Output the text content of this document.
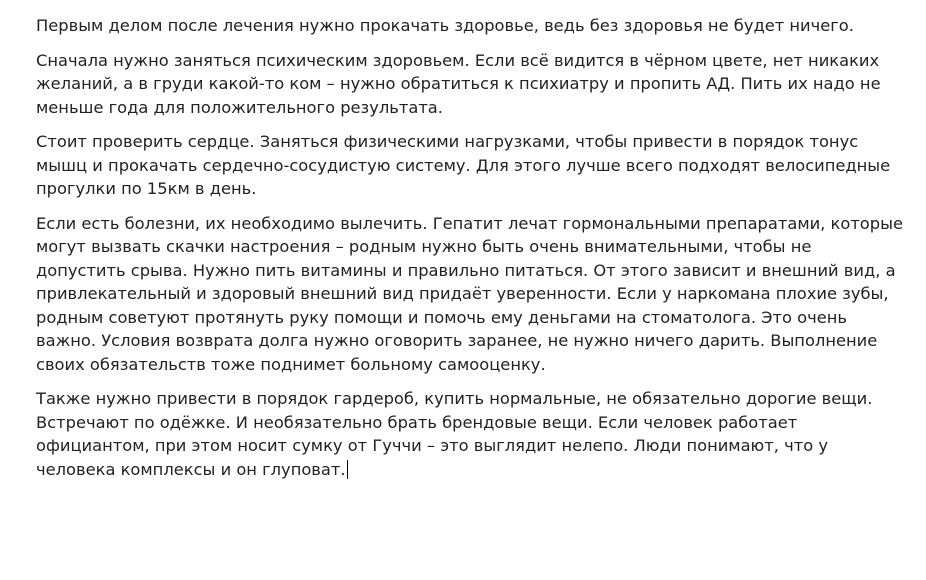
Первым делом после лечения нужно прокачать здоровье, ведь без здоровья не будет ничего.

Сначала нужно заняться психическим здоровьем. Если всё видится в чёрном цвете, нет никаких желаний, а в груди какой-то ком – нужно обратиться к психиатру и пропить АД. Пить их надо не меньше года для положительного результата.

Стоит проверить сердце. Заняться физическими нагрузками, чтобы привести в порядок тонус мышц и прокачать сердечно-сосудистую систему. Для этого лучше всего подходят велосипедные прогулки по 15км в день.

Если есть болезни, их необходимо вылечить. Гепатит лечат гормональными препаратами, которые могут вызвать скачки настроения – родным нужно быть очень внимательными, чтобы не допустить срыва. Нужно пить витамины и правильно питаться. От этого зависит и внешний вид, а привлекательный и здоровый внешний вид придаёт уверенности. Если у наркомана плохие зубы, родным советуют протянуть руку помощи и помочь ему деньгами на стоматолога. Это очень важно. Условия возврата долга нужно оговорить заранее, не нужно ничего дарить. Выполнение своих обязательств тоже поднимет больному самооценку.

Также нужно привести в порядок гардероб, купить нормальные, не обязательно дорогие вещи. Встречают по одёжке. И необязательно брать брендовые вещи. Если человек работает официантом, при этом носит сумку от Гуччи – это выглядит нелепо. Люди понимают, что у человека комплексы и он глуповат.
